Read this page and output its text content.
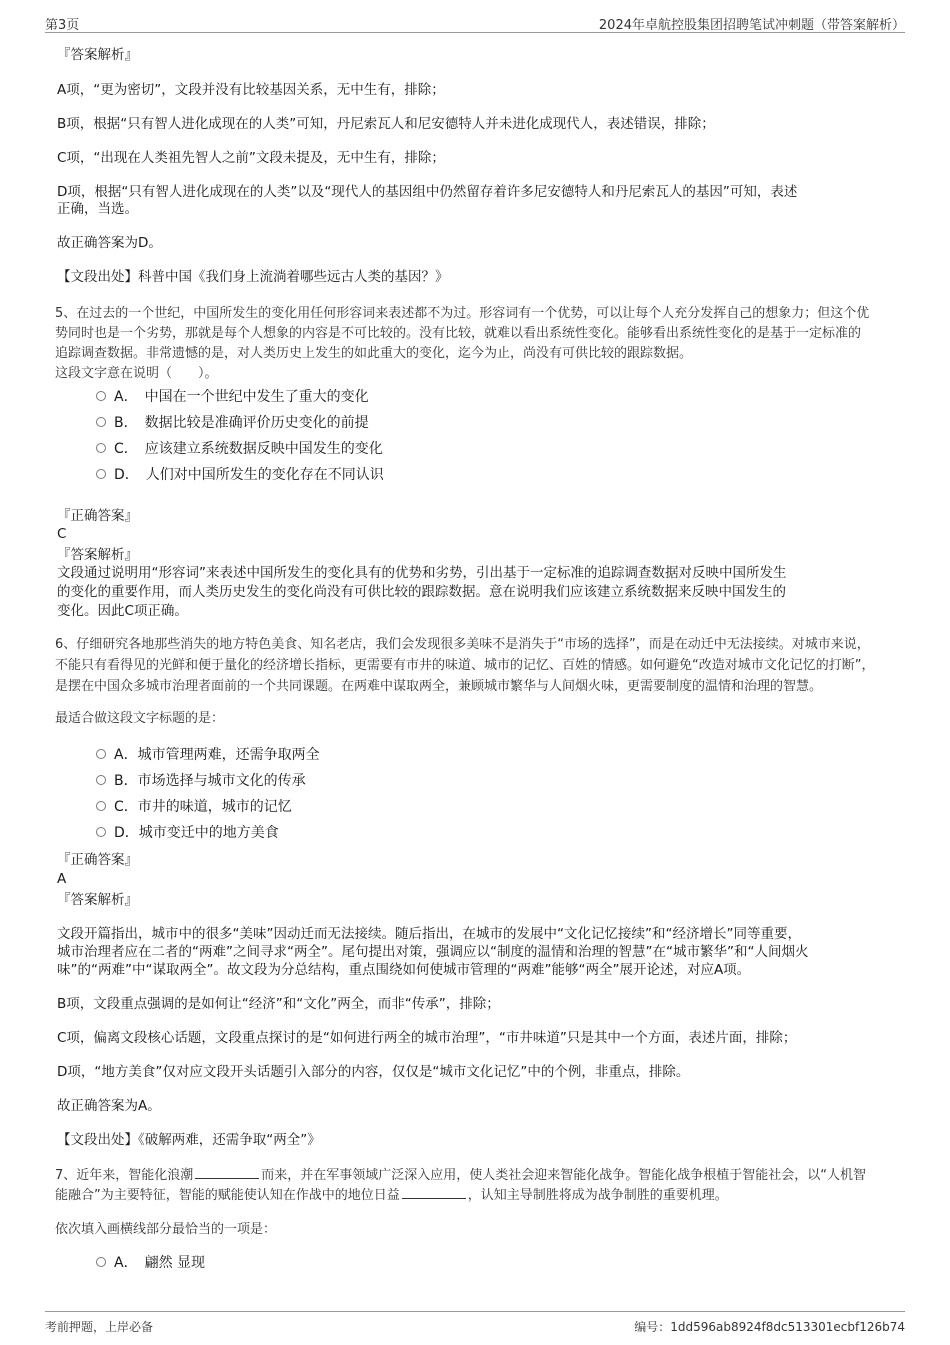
第3页	2024年卓航控股集团招聘笔试冲刺题（带答案解析）
『答案解析』
A项，“更为密切”，文段并没有比较基因关系，无中生有，排除；
B项，根据“只有智人进化成现在的人类”可知，丹尼索瓦人和尼安德特人并未进化成现代人，表述错误，排除；
C项，“出现在人类祖先智人之前”文段未提及，无中生有，排除；
D项，根据“只有智人进化成现在的人类”以及“现代人的基因组中仍然留存着许多尼安德特人和丹尼索瓦人的基因”可知，表述
正确，当选。
故正确答案为D。
【文段出处】科普中国《我们身上流淌着哪些远古人类的基因？》
5、在过去的一个世纪，中国所发生的变化用任何形容词来表述都不为过。形容词有一个优势，可以让每个人充分发挥自己的想象力；但这个优
势同时也是一个劣势，那就是每个人想象的内容是不可比较的。没有比较，就难以看出系统性变化。能够看出系统性变化的是基于一定标准的
追踪调查数据。非常遗憾的是，对人类历史上发生的如此重大的变化，迄今为止，尚没有可供比较的跟踪数据。
这段文字意在说明（　　）。
A．　中国在一个世纪中发生了重大的变化
B．　数据比较是准确评价历史变化的前提
C．　应该建立系统数据反映中国发生的变化
D．　人们对中国所发生的变化存在不同认识
『正确答案』
C
『答案解析』
文段通过说明用“形容词”来表述中国所发生的变化具有的优势和劣势，引出基于一定标准的追踪调查数据对反映中国所发生
的变化的重要作用，而人类历史发生的变化尚没有可供比较的跟踪数据。意在说明我们应该建立系统数据来反映中国发生的
变化。因此C项正确。
6、仔细研究各地那些消失的地方特色美食、知名老店，我们会发现很多美味不是消失于“市场的选择”，而是在动迁中无法接续。对城市来说，
不能只有看得见的光鲜和便于量化的经济增长指标，更需要有市井的味道、城市的记忆、百姓的情感。如何避免“改造对城市文化记忆的打断”，
是摆在中国众多城市治理者面前的一个共同课题。在两难中谋取两全，兼顾城市繁华与人间烟火味，更需要制度的温情和治理的智慧。
最适合做这段文字标题的是：
A．城市管理两难，还需争取两全
B．市场选择与城市文化的传承
C．市井的味道，城市的记忆
D．城市变迁中的地方美食
『正确答案』
A
『答案解析』
文段开篇指出，城市中的很多“美味”因动迁而无法接续。随后指出，在城市的发展中“文化记忆接续”和“经济增长”同等重要，
城市治理者应在二者的“两难”之间寻求“两全”。尾句提出对策，强调应以“制度的温情和治理的智慧”在“城市繁华”和“人间烟火
味”的“两难”中“谋取两全”。故文段为分总结构，重点围绕如何使城市管理的“两难”能够“两全”展开论述，对应A项。
B项，文段重点强调的是如何让“经济”和“文化”两全，而非“传承”，排除；
C项，偏离文段核心话题，文段重点探讨的是“如何进行两全的城市治理”，“市井味道”只是其中一个方面，表述片面，排除；
D项，“地方美食”仅对应文段开头话题引入部分的内容，仅仅是“城市文化记忆”中的个例，非重点，排除。
故正确答案为A。
【文段出处】《破解两难，还需争取“两全”》
7、近年来，智能化浪潮	而来，并在军事领域广泛深入应用，使人类社会迎来智能化战争。智能化战争根植于智能社会，以“人机智
能融合”为主要特征，智能的赋能使认知在作战中的地位日益	，认知主导制胜将成为战争制胜的重要机理。
依次填入画横线部分最恰当的一项是：
A．　翩然 显现
考前押题，上岸必备	编号：1dd596ab8924f8dc513301ecbf126b74
